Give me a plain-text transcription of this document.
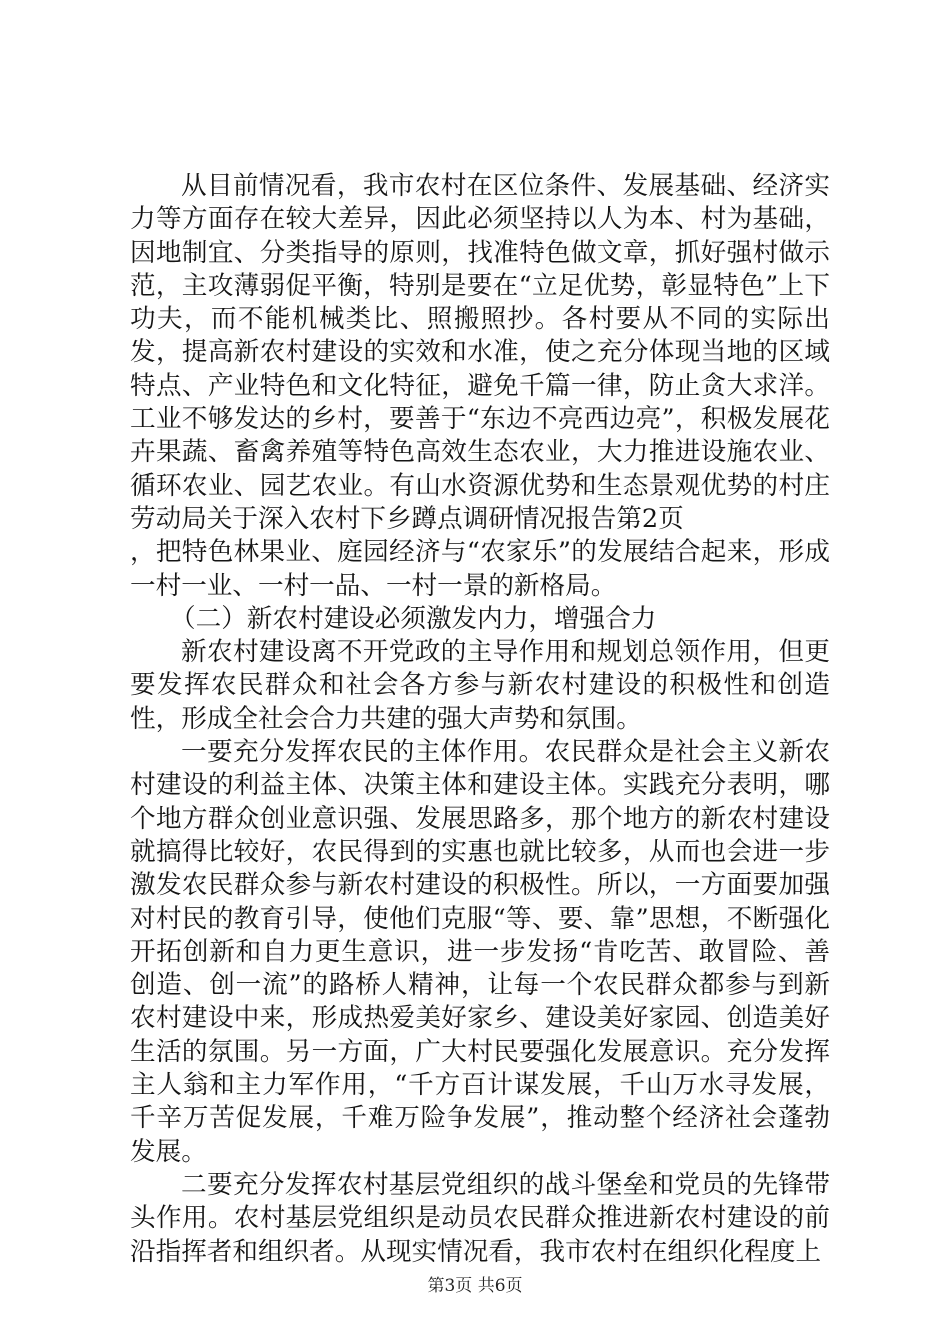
从目前情况看，我市农村在区位条件、发展基础、经济实力等方面存在较大差异，因此必须坚持以人为本、村为基础，因地制宜、分类指导的原则，找准特色做文章，抓好强村做示范，主攻薄弱促平衡，特别是要在“立足优势，彰显特色”上下功夫，而不能机械类比、照搬照抄。各村要从不同的实际出发，提高新农村建设的实效和水准，使之充分体现当地的区域特点、产业特色和文化特征，避免千篇一律，防止贪大求洋。工业不够发达的乡村，要善于“东边不亮西边亮”，积极发展花卉果蔬、畜禽养殖等特色高效生态农业，大力推进设施农业、循环农业、园艺农业。有山水资源优势和生态景观优势的村庄劳动局关于深入农村下乡蹲点调研情况报告第2页

，把特色林果业、庭园经济与“农家乐”的发展结合起来，形成一村一业、一村一品、一村一景的新格局。

（二）新农村建设必须激发内力，增强合力

新农村建设离不开党政的主导作用和规划总领作用，但更要发挥农民群众和社会各方参与新农村建设的积极性和创造性，形成全社会合力共建的强大声势和氛围。

一要充分发挥农民的主体作用。农民群众是社会主义新农村建设的利益主体、决策主体和建设主体。实践充分表明，哪个地方群众创业意识强、发展思路多，那个地方的新农村建设就搞得比较好，农民得到的实惠也就比较多，从而也会进一步激发农民群众参与新农村建设的积极性。所以，一方面要加强对村民的教育引导，使他们克服“等、要、靠”思想，不断强化开拓创新和自力更生意识，进一步发扬“肯吃苦、敢冒险、善创造、创一流”的路桥人精神，让每一个农民群众都参与到新农村建设中来，形成热爱美好家乡、建设美好家园、创造美好生活的氛围。另一方面，广大村民要强化发展意识。充分发挥主人翁和主力军作用，“千方百计谋发展，千山万水寻发展，千辛万苦促发展，千难万险争发展”，推动整个经济社会蓬勃发展。

二要充分发挥农村基层党组织的战斗堡垒和党员的先锋带头作用。农村基层党组织是动员农民群众推进新农村建设的前沿指挥者和组织者。从现实情况看，我市农村在组织化程度上

第3页 共6页
